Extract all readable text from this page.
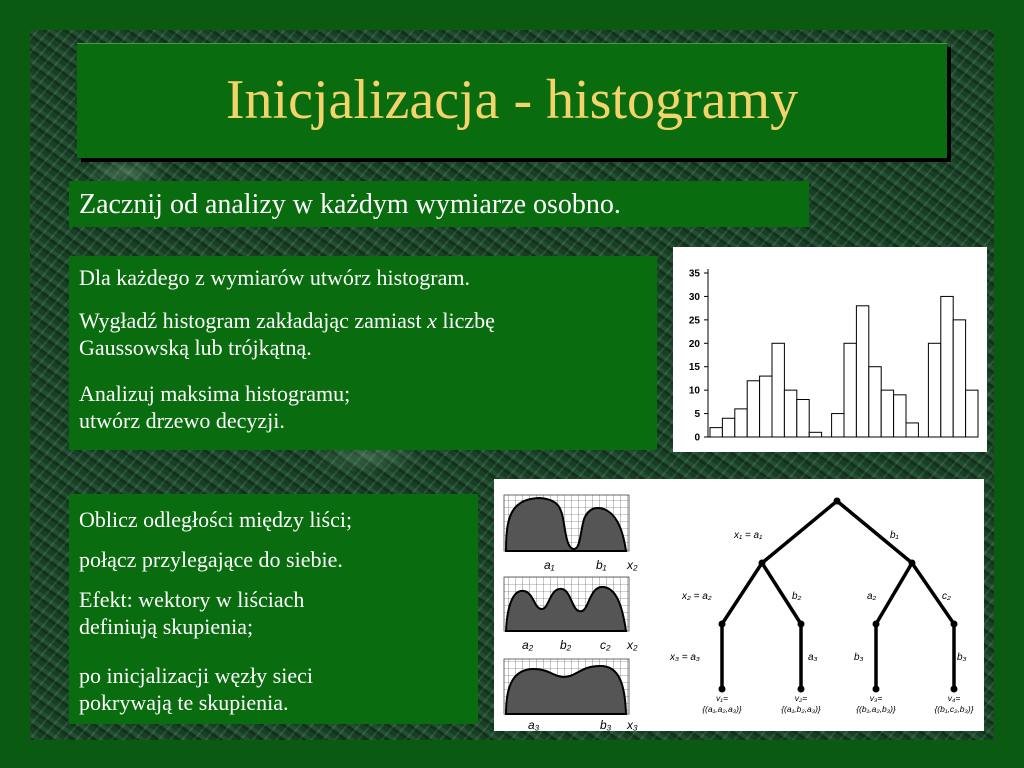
Inicjalizacja - histogramy
Zacznij od analizy w każdym wymiarze osobno.
Dla każdego z wymiarów utwórz histogram.
Wygładź histogram zakładając zamiast x liczbę
Gaussowską lub trójkątną.
Analizuj maksima histogramu;
utwórz drzewo decyzji.
Oblicz odległości między liści;
połącz przylegające do siebie.
Efekt: wektory w liściach
definiują skupienia;
po inicjalizacji węzły sieci
pokrywają te skupienia.
0
5
10
15
20
25
30
35
a₁	b₁ x₂
a₂ b₂ c₂ x₂
a₃	b₃ x₃
x₁ = a₁	b₁
x₂ = a₂	b₂	a₂	c₂
x₃ = a₃	a₃	b₃	b₃
v₁=
{(a₁,a₂,a₃)}
v₂=
{(a₁,b₂,a₃)}
v₃=
{(b₁,a₂,b₃)}
v₄=
{(b₁,c₂,b₃)}
